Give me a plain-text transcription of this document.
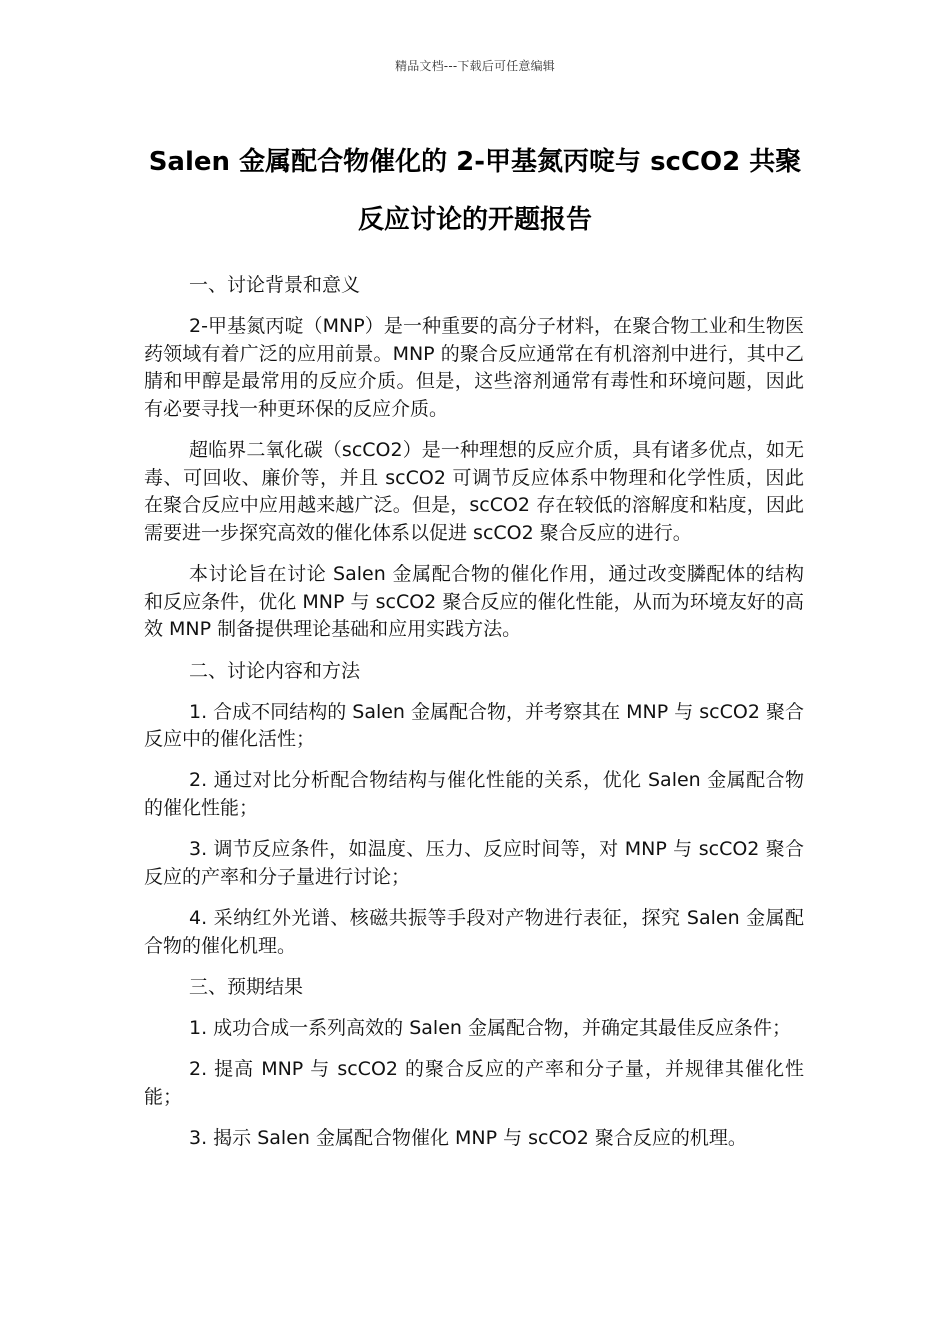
精品文档---下载后可任意编辑
Salen 金属配合物催化的 2-甲基氮丙啶与 scCO2 共聚反应讨论的开题报告

一、讨论背景和意义

2-甲基氮丙啶（MNP）是一种重要的高分子材料，在聚合物工业和生物医药领域有着广泛的应用前景。MNP 的聚合反应通常在有机溶剂中进行，其中乙腈和甲醇是最常用的反应介质。但是，这些溶剂通常有毒性和环境问题，因此有必要寻找一种更环保的反应介质。

超临界二氧化碳（scCO2）是一种理想的反应介质，具有诸多优点，如无毒、可回收、廉价等，并且 scCO2 可调节反应体系中物理和化学性质，因此在聚合反应中应用越来越广泛。但是，scCO2 存在较低的溶解度和粘度，因此需要进一步探究高效的催化体系以促进 scCO2 聚合反应的进行。

本讨论旨在讨论 Salen 金属配合物的催化作用，通过改变膦配体的结构和反应条件，优化 MNP 与 scCO2 聚合反应的催化性能，从而为环境友好的高效 MNP 制备提供理论基础和应用实践方法。

二、讨论内容和方法

1. 合成不同结构的 Salen 金属配合物，并考察其在 MNP 与 scCO2 聚合反应中的催化活性；

2. 通过对比分析配合物结构与催化性能的关系，优化 Salen 金属配合物的催化性能；

3. 调节反应条件，如温度、压力、反应时间等，对 MNP 与 scCO2 聚合反应的产率和分子量进行讨论；

4. 采纳红外光谱、核磁共振等手段对产物进行表征，探究 Salen 金属配合物的催化机理。

三、预期结果

1. 成功合成一系列高效的 Salen 金属配合物，并确定其最佳反应条件；

2. 提高 MNP 与 scCO2 的聚合反应的产率和分子量，并规律其催化性能；

3. 揭示 Salen 金属配合物催化 MNP 与 scCO2 聚合反应的机理。
